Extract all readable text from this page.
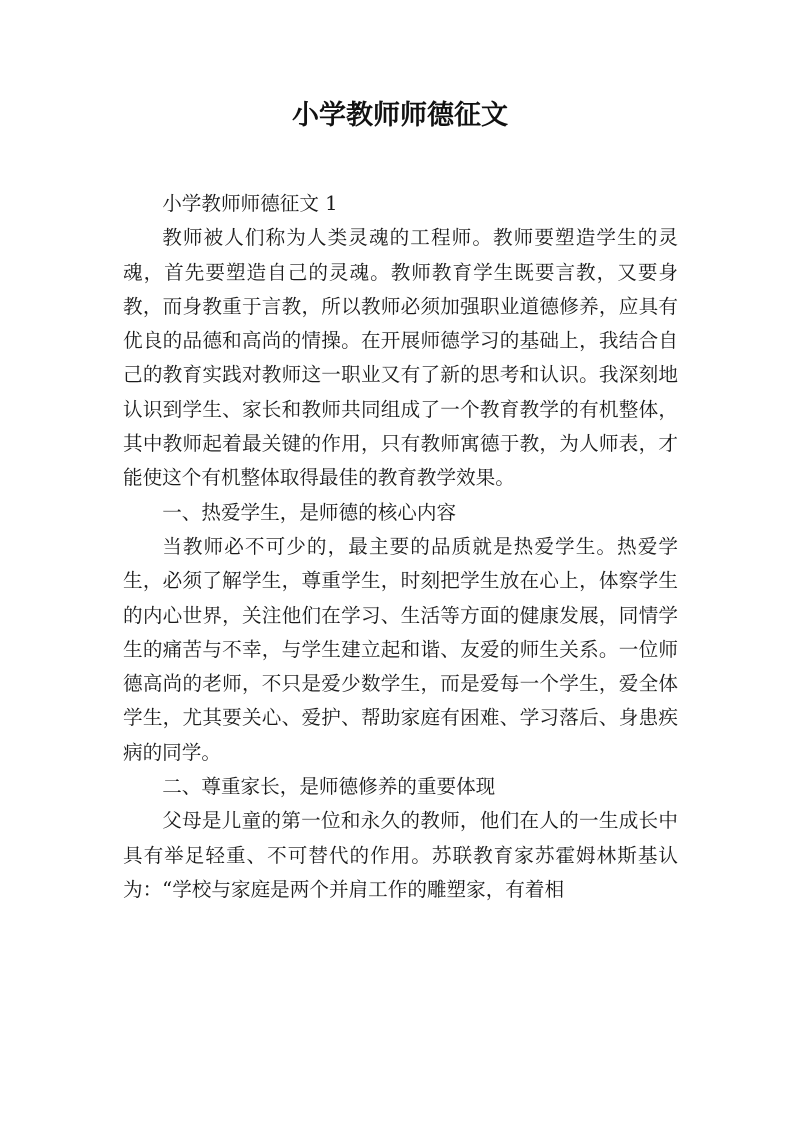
小学教师师德征文

小学教师师德征文 1

教师被人们称为人类灵魂的工程师。教师要塑造学生的灵魂，首先要塑造自己的灵魂。教师教育学生既要言教，又要身教，而身教重于言教，所以教师必须加强职业道德修养，应具有优良的品德和高尚的情操。在开展师德学习的基础上，我结合自己的教育实践对教师这一职业又有了新的思考和认识。我深刻地认识到学生、家长和教师共同组成了一个教育教学的有机整体，其中教师起着最关键的作用，只有教师寓德于教，为人师表，才能使这个有机整体取得最佳的教育教学效果。

一、热爱学生，是师德的核心内容

当教师必不可少的，最主要的品质就是热爱学生。热爱学生，必须了解学生，尊重学生，时刻把学生放在心上，体察学生的内心世界，关注他们在学习、生活等方面的健康发展，同情学生的痛苦与不幸，与学生建立起和谐、友爱的师生关系。一位师德高尚的老师，不只是爱少数学生，而是爱每一个学生，爱全体学生，尤其要关心、爱护、帮助家庭有困难、学习落后、身患疾病的同学。

二、尊重家长，是师德修养的重要体现

父母是儿童的第一位和永久的教师，他们在人的一生成长中具有举足轻重、不可替代的作用。苏联教育家苏霍姆林斯基认为：“学校与家庭是两个并肩工作的雕塑家，有着相
